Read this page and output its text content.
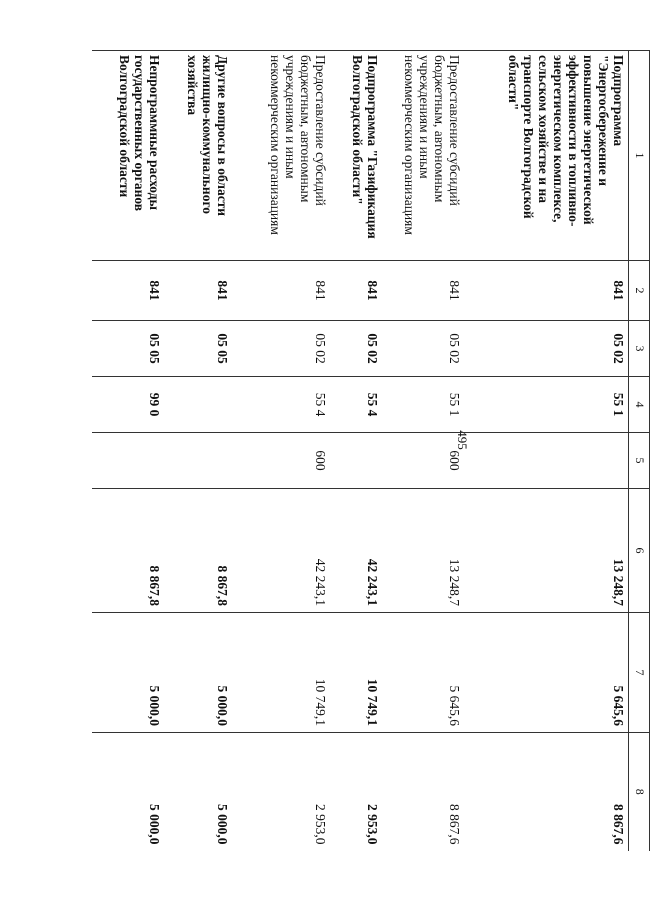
495
1	2	3	4	5	6	7	8
Подпрограмма "Энергосбережение и повышение энергетической эффективности в топливно-энергетическом комплексе, сельском хозяйстве и на транспорте Волгоградской области"	841	05 02	55 1		13 248,7	5 645,6	8 867,6
Предоставление субсидий бюджетным, автономным учреждениям и иным некоммерческим организациям	841	05 02	55 1	600	13 248,7	5 645,6	8 867,6
Подпрограмма "Газификация Волгоградской области"	841	05 02	55 4		42 243,1	10 749,1	2 953,0
Предоставление субсидий бюджетным, автономным учреждениям и иным некоммерческим организациям	841	05 02	55 4	600	42 243,1	10 749,1	2 953,0
Другие вопросы в области жилищно-коммунального хозяйства	841	05 05			8 867,8	5 000,0	5 000,0
Непрограммные расходы государственных органов Волгоградской области	841	05 05	99 0		8 867,8	5 000,0	5 000,0
